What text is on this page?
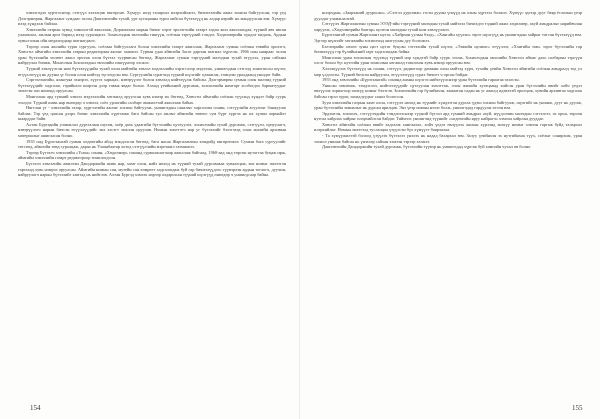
хэвлэгчдэх хуртгэснээр, сэтгүүл хэлэлцэж өнгөрснө. Хүмүүс ихэд талархал илэрхийлжээ, бичиглэлийн ажил зохион байгуулсан, тэр үед Дэлгэрмөрөн, Жаргалант сумдаас эхлэн Дашзэвэгийн тухай, урт хугацааны турш хийсэн бүтээлүүд нь алдар нэрийг нь мандуулсан юм. Хүмүүс ихэд хүндэлж байлаа.

Хэвлэлийн газрын хувьд хэмнэлтэй ажиллаж, Доржпалам нарын бичиг хэрэг эрхлэгчийн газарт хэдэн жил ажиллахдаа, түүний авч явсан уламжлал, ажлын арга барилд ихэд суралцжээ. Зохиолчдын эвлэлийн гишүүн, соёлын тэргүүний тэмдэг, Хөдөлмөрийн хүндэт медаль, Ардын хувьсгалын ойн медалиудаар шагнагджээ.

Тэрээр олон жилийн турш сургууль, соёлын байгууллага болон хэвлэлийн газарт ажиллаж, Жаргалант сумын соёлын төвийн эрхлэгч, Хөвсгөл аймгийн хэвлэлийн газрын редакторын ажлыг хашжээ. Гурван удаа аймгийн Засаг даргын шагнал хүртсэн. 1966 оны намраас эхлэн уран бүтээлийн чөлөөт ажил эрхэлж олон бүтээл туурвисан бөгөөд, Жаргалант сумын тэргүүний малчдын тухай өгүүлэл, уран сайхны найруулал бичиж, Монголын Зохиолчдын эвлэлийн гишүүнээр элсжээ.

Түүний хэвлүүлсэн ном бүтээлүүдийн тухай олон нийтийн хэвлэл мэдээллийн хэрэгслээр мэдээлж, уншигчдын сэтгэлд хоногшсон шүлэг, өгүүллэгүүд нь дууны үг болон олон нийтэд түгээгдсэн юм. Сургуулийн сурагчид түүний шүлгийг цээжилж, тэмцээн уралдаанд уншдаг байв.

Сэргээлэнгийн, ялангуяа эхнэрээ, хүүгээ харьцах, нэвтрүүлэг болон хэвлэлд нийтлүүлж байсан. Дэлгэрмөрөн сумын олон малчид түүний бүтээлүүдийг хадгалж, гэрийнхээ ширээн дээр тавьж явдаг болно. Ахмад үеийнхний дурсамж, зохиолчийн намтарт холбогдох баримтуудыг эмхтгэн энэ номонд оруулсан.

Монголын ард түмний хэвлэл мэдээллийн хөгжилд оруулсан хувь нэмэр их бөгөөд, Хөвсгөл аймгийн соёлын түүхэнд хүндэт байр суурь эзэлдэг. Түүний шавь нар өнөөдөр ч хэвлэл, соёл урлагийн салбарт амжилттай ажиллаж байна.

Нягтлан үг - хэвлэлийн газар, хүргэлтийн ажлыг зохион байгуулж, уншигчдын саналыг харгалзан сонин, сэтгүүлийн агуулгыг баяжуулж байлаа. Тэр үед цаасан дээрх бичиг хэвлэлийн хүртээмж бага байсан тул ажлыг аймгийн төвөөс сум бүрт хүргэх нь их хүчин чармайлт шаарддаг байв.

Алтан Бургэдийн уламжлал дурсгалын шугам, хоёр дахь удаагийн бүтээлийн цуглуулга, зохиолчийн тухай дурсамж, сэтгүүлч, орчуулагч, нэвтрүүлэгч нарын бичсэн өгүүллүүдийг энэ хэсэгт эмхлэн оруулав. Номын эмхтгэгч нар уг бүтээлийг бэлтгэхэд олон жилийн архивын материалыг ашигласан болно.

1935 онд Бүрэгхангай сумын хөдөөгийн айлд мэндэлсэн бөгөөд, бага насаа Жаргалантын хөндийд өнгөрөөжээ. Сумын бага сургуулийг төгсөөд, аймгийн төвд суралцаж, дараа нь Улаанбаатар хотод сэтгүүлчийн мэргэжил эзэмшжээ.

Тэрээр Бүтээлч хэвлэлийн «Үнэн» сонин, «Хөдөлмөр» сонинд сурвалжлагчаар ажиллаж байгаад, 1960-аад онд төрсөн нутагтаа буцаж ирж, аймгийн хэвлэлийн газарт редактороор томилогдсон.

Бүтээлч хэвлэлийн ажилтан Дашдоржийн шавь нар, хамт олон, найз нөхөд нь түүний тухай дурсамжаа хуваалцаж, энэ номыг эмхэтгэн гаргахад хувь нэмрээ оруулсан. Аймгийн номын сан, музейн сан хөмрөгт хадгалагдаж буй гар бичмэлүүдээс түүвэрлэн ардын тоглогч, дуучин, найруулагч нарын бүтээлийг хамтад нь нийтлэв. Алтан Бургэд хэмээх нэрээр алдаршсан түүний шүлгүүд өнөөдөр ч уншигдсаар байна.

ноорхдын, «Заарханий дуурьсан», «Сэтгэл дурсамж» гэсэн дууны үгнүүд нь олны хүртээл болжээ. Хүмүүс эдгээр дууг баяр ёслолын үеэр дуулдаг уламжлалтай.

Сэтгүүлч Жаргалантын сумын ЭЭЭД-ийн тэргүүний малчдын тухай нийтлэл бичихдээ тэдний ажил хөдөлмөр, ахуй амьдралыг нарийвчлан харуулж, «Хөдөлмөрийн баатар» цолтон малчдын тухай ном хэвлүүлжээ.

Бүрэгхангай сумын Жаргалант нутаг, «Хайрхан уулын бэлд», «Хангайн хүүхэн» зэрэг шүлгүүд нь уншигчдын хайрыг татсан бүтээлүүд юм. Эдгээр шүлгийг хөгжмийн зохиолчид аялгуулан дуу болгожээ.

Бэлчээрийн хөхөө зуны цагт нутаг буцсан сэтгэлийн тухай шүлэг, «Ээжийн нулимс» өгүүллэг, «Хэнтийн зам» зэрэг бүтээлийн гар бичмэлүүд гэр бүлийнхний гарт хадгалагдаж байна.

Монголын уран зохиолын түүхэнд түүний нэр хүндтэй байр суурь эзэлж, Зохиолчдын эвлэлийн Хөвсгөл аймаг дахь салбарын тэргүүн хэсэг болон бүс нутгийн уран зохиолын хөгжилд томоохон хувь нэмэр оруулсан юм.

Хэлэлцүүлэх бүтээлүүд нь сонин, сэтгүүл, радиогоор дамжин олон нийтэд хүрч, тухайн үеийн Хөвсгөл аймгийн соёлын амьдралд тод ул мөр үлдээсэн. Түүний бичсэн найруулал, өгүүллэгүүд сурах бичигт ч орсон байдаг.

1955 онд хэвлэлийн «Бүрэгхангай» сонинд анхны шүлгээ нийтлүүлснээр уран бүтээлийн гараагаа эхэлсэн.

Уншсан зөвлөмж, тэмдэглэл, нийтлэлүүдийг цуглуулан эмхэтгэж, олон жилийн хугацаанд хийсэн уран бүтээлийн өвийг хойч үедээ өвлүүлэх зорилгоор энэхүү номыг бэлтгэв. Зохиолчийн гэр бүлийнхэн, хамаатан садан нь уг ажилд идэвхтэй оролцож, хувийн архивтаа хадгалж байсан гэрэл зураг, захидлуудыг санал болгосон.

Зуун хэвлэлийн газрын хамт олон, сэтгүүлч нөхөд нь түүнийг хүндэтгэн дурсах үдэш зохион байгуулж, шүлгийг нь уншиж, дууг нь дуулж, уран бүтээлийн замналыг нь дурсан ярилцав. Энэ үеэр номын нээлт болж, уншигчдад гардуулж өгсөн юм.

Эрдэмтэн, зохиолч, сэтгүүлчдийн тэмдэглэснээр түүний бүтээл ард түмний амьдрал ахуй, нүүдэлчин малчдын сэтгэлгээ, эх орон, төрсөн нутгаа хайрлах хайрыг илэрхийлсэн байдаг. Тиймээс уншигчид түүнийг «хөдөөгийн яруу найрагч» хэмээн хайрлан дууддаг.

Хөвсгөл аймгийн соёлын өвийг хадгалж хамгаалах, хойч үедээ өвлүүлэх ажлын хүрээнд энэхүү номыг хэвлэн гаргаж буйд талархал илэрхийлье. Номын эмхтгэлд туслалцаа үзүүлсэн бүх хүмүүст баярлалаа.

- Та хүмүүжилтэй болоод үзүүлэх бүтээлээ үнэлэх нь надад бахархал юм. Залуу үеийнхэн эх нутгийнхаа түүх, соёлыг сонирхож, уран зохиол уншиж байгаа нь үнэхээр сайхан хэмээн тэрээр хэлжээ.

Дашзэвэгийн Дашдоржийн тухай дурсамж, бүтээлийн түүвэр нь уншигчдад хүргэж буй хамгийн чухал өв болно.

154	155
